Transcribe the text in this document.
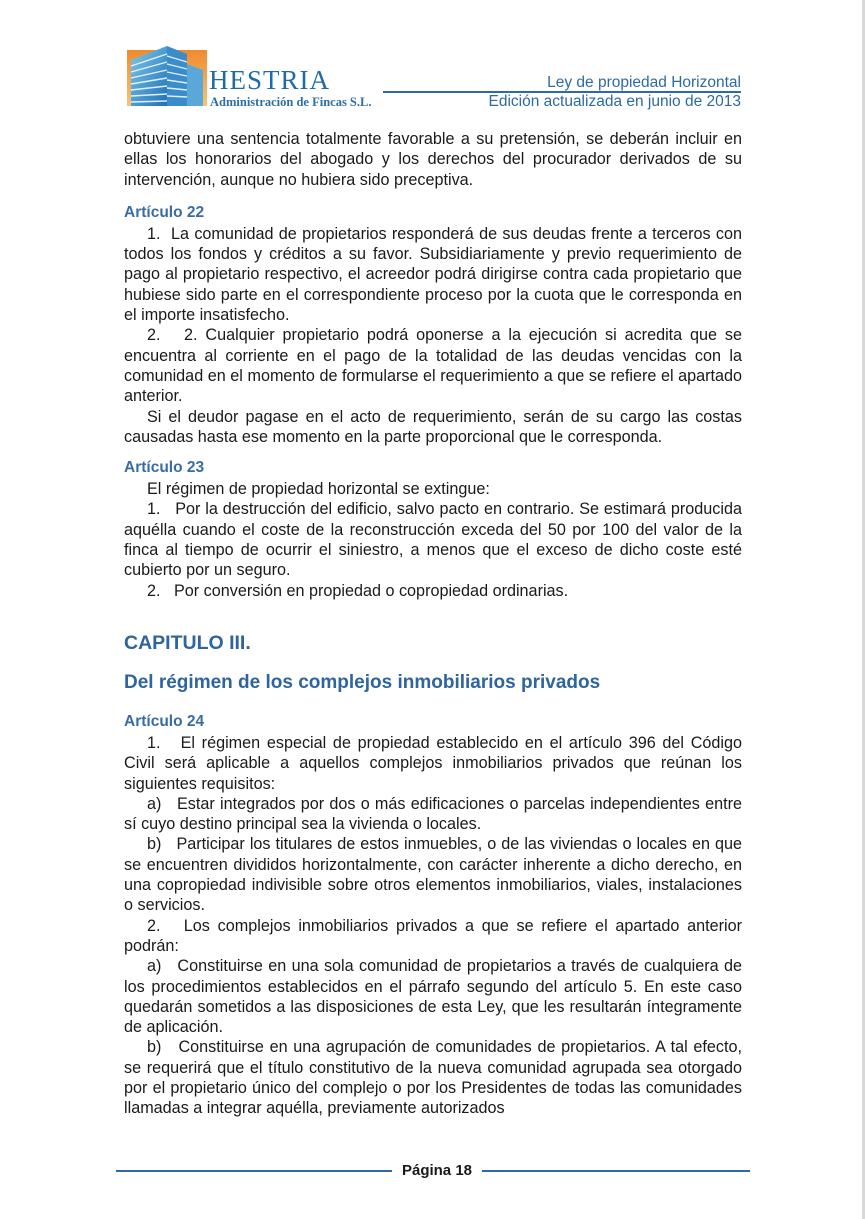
HESTRIA
Administración de Fincas S.L.
Ley de propiedad Horizontal
Edición actualizada en junio de 2013

obtuviere una sentencia totalmente favorable a su pretensión, se deberán incluir en ellas los honorarios del abogado y los derechos del procurador derivados de su intervención, aunque no hubiera sido preceptiva.

Artículo 22

1.  La comunidad de propietarios responderá de sus deudas frente a terceros con todos los fondos y créditos a su favor. Subsidiariamente y previo requerimiento de pago al propietario respectivo, el acreedor podrá dirigirse contra cada propietario que hubiese sido parte en el correspondiente proceso por la cuota que le corresponda en el importe insatisfecho.

2.   2. Cualquier propietario podrá oponerse a la ejecución si acredita que se encuentra al corriente en el pago de la totalidad de las deudas vencidas con la comunidad en el momento de formularse el requerimiento a que se refiere el apartado anterior.

Si el deudor pagase en el acto de requerimiento, serán de su cargo las costas causadas hasta ese momento en la parte proporcional que le corresponda.

Artículo 23

El régimen de propiedad horizontal se extingue:

1.   Por la destrucción del edificio, salvo pacto en contrario. Se estimará producida aquélla cuando el coste de la reconstrucción exceda del 50 por 100 del valor de la finca al tiempo de ocurrir el siniestro, a menos que el exceso de dicho coste esté cubierto por un seguro.

2.   Por conversión en propiedad o copropiedad ordinarias.

CAPITULO III.
Del régimen de los complejos inmobiliarios privados
Artículo 24

1.   El régimen especial de propiedad establecido en el artículo 396 del Código Civil será aplicable a aquellos complejos inmobiliarios privados que reúnan los siguientes requisitos:

a)   Estar integrados por dos o más edificaciones o parcelas independientes entre sí cuyo destino principal sea la vivienda o locales.

b)   Participar los titulares de estos inmuebles, o de las viviendas o locales en que se encuentren divididos horizontalmente, con carácter inherente a dicho derecho, en una copropiedad indivisible sobre otros elementos inmobiliarios, viales, instalaciones o servicios.

2.   Los complejos inmobiliarios privados a que se refiere el apartado anterior podrán:

a)   Constituirse en una sola comunidad de propietarios a través de cualquiera de los procedimientos establecidos en el párrafo segundo del artículo 5. En este caso quedarán sometidos a las disposiciones de esta Ley, que les resultarán íntegramente de aplicación.

b)   Constituirse en una agrupación de comunidades de propietarios. A tal efecto, se requerirá que el título constitutivo de la nueva comunidad agrupada sea otorgado por el propietario único del complejo o por los Presidentes de todas las comunidades llamadas a integrar aquélla, previamente autorizados

Página 18
